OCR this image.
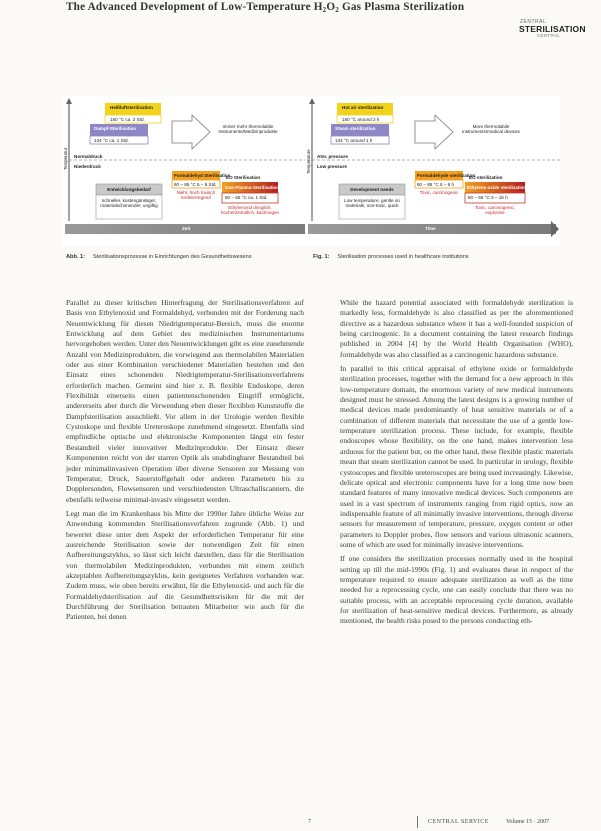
The Advanced Development of Low-Temperature H2O2 Gas Plasma Sterilization
ZENTRAL
STERILISATION
CENTRAL
Heißluftsterilisation
180 °C ca. 2 Std.
Dampf-Sterilisation
134 °C ca. 1 Std.
Immer mehr thermolabile Instrumente/Medizinprodukte
Normaldruck
Niederdruck
Formaldehyd Sterilisation
60 – 85 °C 5 – 6 Std.
Mehr, hoch toxisch krebserregend
EO Sterilisation
Gas-Plasma-Sterilisation
50 – 55 °C ca. 1 Std.
Ethylenoxid dringlich, hochentzündlich, karzinogen
Entwicklungsbedarf
schneller, kostengünstiger, materialschonender, ungiftig
Temperatur
Zeit
Hot air sterilization
180 °C around 2 h
Steam sterilization
134 °C around 1 h
More thermolabile instruments/medical devices
Atm. pressure
Low pressure
Formaldehyde sterilization
60 – 85 °C 5 – 6 h
Toxic, carcinogenic
EO sterilization
Ethylene oxide sterilization
50 – 55 °C 3 – 16 h
Toxic, carcinogenic, explosive
Development needs
Low temperature, gentle on materials, non-toxic, quick
Temperature
Time
Abb. 1: Sterilisationsprozesse in Einrichtungen des Gesundheitswesens	Fig. 1: Sterilisation processes used in healthcare institutions

Parallel zu dieser kritischen Hinterfragung der Sterilisationsverfahren auf Basis von Ethylenoxid und Formaldehyd, verbunden mit der Forderung nach Neuentwicklung für diesen Niedrigtemperatur-Bereich, muss die enorme Entwicklung auf dem Gebiet des medizinischen Instrumentariums hervorgehoben werden. Unter den Neuentwicklungen gibt es eine zunehmende Anzahl von Medizinprodukten, die vorwiegend aus thermolabilen Materialien oder aus einer Kombination verschiedener Materialien bestehen und den Einsatz eines schonenden Niedrigtemperatur-Sterilisationsverfahrens erforderlich machen. Gemeint sind hier z. B. flexible Endoskope, deren Flexibilität einerseits einen patientenschonenden Eingriff ermöglicht, andererseits aber durch die Verwendung eben dieser flexiblen Kunststoffe die Dampfsterilisation ausschließt. Vor allem in der Urologie werden flexible Cystoskope und flexible Ureteroskope zunehmend eingesetzt. Ebenfalls sind empfindliche optische und elektronische Komponenten längst ein fester Bestandteil vieler innovativer Medizinprodukte. Der Einsatz dieser Komponenten reicht von der starren Optik als unabdingbarer Bestandteil bei jeder minimalinvasiven Operation über diverse Sensoren zur Messung von Temperatur, Druck, Sauerstoffgehalt oder anderen Parametern bis zu Dopplersonden, Flowsensoren und verschiedensten Ultraschallscannern, die ebenfalls teilweise minimal-invasiv eingesetzt werden.

Legt man die im Krankenhaus bis Mitte der 1990er Jahre übliche Weise zur Anwendung kommenden Sterilisationsverfahren zugrunde (Abb. 1) und bewertet diese unter dem Aspekt der erforderlichen Temperatur für eine ausreichende Sterilisation sowie der notwendigen Zeit für einen Aufbereitungszyklus, so lässt sich leicht darstellen, dass für die Sterilisation von thermolabilen Medizinprodukten, verbunden mit einem zeitlich akzeptablen Aufbereitungszyklus, kein geeignetes Verfahren vorhanden war. Zudem muss, wie oben bereits erwähnt, für die Ethylenoxid- und auch für die Formaldehydsterilisation auf die Gesundheitsrisiken für die mit der Durchführung der Sterilisation betrauten Mitarbeiter wie auch für die Patienten, bei denen

While the hazard potential associated with formaldehyde sterilization is markedly less, formaldehyde is also classified as per the aforementioned directive as a hazardous substance where it has a well-founded suspicion of being carcinogenic. In a document containing the latest research findings published in 2004 [4] by the World Health Organisation (WHO), formaldehyde was also classified as a carcinogenic hazardous substance.

In parallel to this critical appraisal of ethylene oxide or formaldehyde sterilization processes, together with the demand for a new approach in this low-temperature domain, the enormous variety of new medical instruments designed must be stressed. Among the latest designs is a growing number of medical devices made predominantly of heat sensitive materials or of a combination of different materials that necessitate the use of a gentle low-temperature sterilization process. These include, for example, flexible endoscopes whose flexibility, on the one hand, makes intervention less arduous for the patient but, on the other hand, these flexible plastic materials mean that steam sterilization cannot be used. In particular in urology, flexible cystoscopes and flexible ureteroscopes are being used increasingly. Likewise, delicate optical and electronic components have for a long time now been standard features of many innovative medical devices. Such components are used in a vast spectrum of instruments ranging from rigid optics, now an indispensable feature of all minimally invasive interventions, through diverse sensors for measurement of temperature, pressure, oxygen content or other parameters to Doppler probes, flow sensors and various ultrasonic scanners, some of which are used for minimally invasive interventions.

If one considers the sterilization processes normally used in the hospital setting up till the mid-1990s (Fig. 1) and evaluates these in respect of the temperature required to ensure adequate sterilization as well as the time needed for a reprocessing cycle, one can easily conclude that there was no suitable process, with an acceptable reprocessing cycle duration, available for sterilization of heat-sensitive medical devices. Furthermore, as already mentioned, the health risks posed to the persons conducting eth-

7	CENTRAL SERVICE	Volume 15 · 2007
